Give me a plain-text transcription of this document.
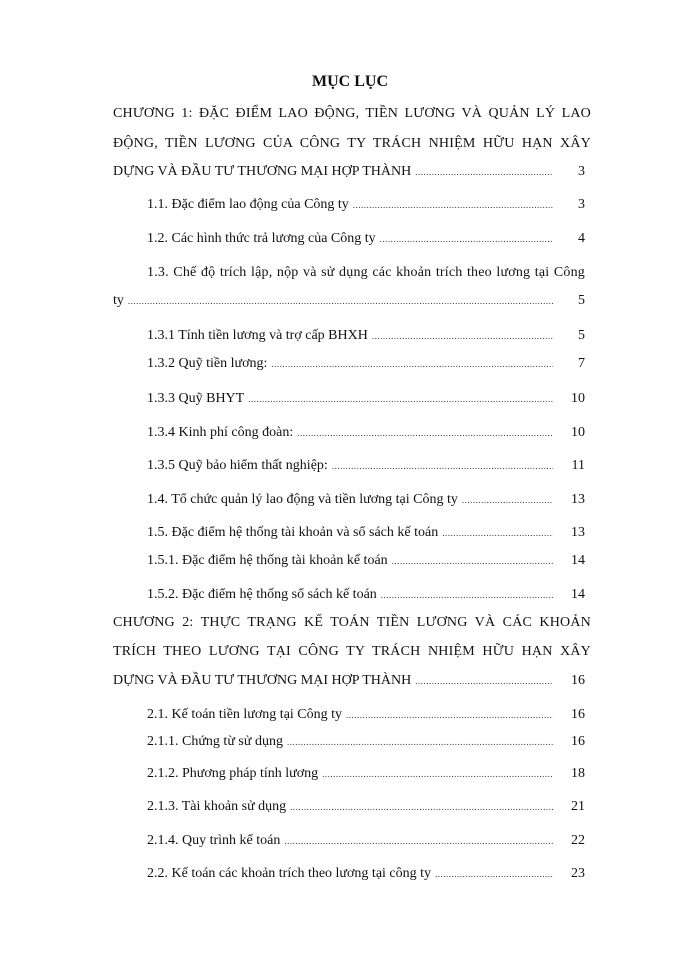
MỤC LỤC
CHƯƠNG 1: ĐẶC ĐIỂM LAO ĐỘNG, TIỀN LƯƠNG VÀ QUẢN LÝ LAO
ĐỘNG, TIỀN LƯƠNG CỦA CÔNG TY TRÁCH NHIỆM HỮU HẠN XÂY
DỰNG VÀ ĐẦU TƯ THƯƠNG MẠI HỢP THÀNH .....	3
1.1. Đặc điểm lao động của Công ty .....	3
1.2. Các hình thức trả lương của Công ty .....	4
1.3. Chế độ trích lập, nộp và sử dụng các khoản trích theo lương tại Công
ty .....	5
1.3.1 Tính tiền lương và trợ cấp BHXH .....	5
1.3.2 Quỹ tiền lương: .....	7
1.3.3 Quỹ BHYT .....	10
1.3.4 Kinh phí công đoàn: .....	10
1.3.5 Quỹ bảo hiểm thất nghiệp: .....	11
1.4. Tổ chức quản lý lao động và tiền lương tại Công ty .....	13
1.5. Đặc điểm hệ thống tài khoản và sổ sách kế toán .....	13
1.5.1. Đặc điểm hệ thống tài khoản kế toán .....	14
1.5.2. Đặc điểm hệ thống sổ sách kế toán .....	14
CHƯƠNG 2: THỰC TRẠNG KẾ TOÁN TIỀN LƯƠNG VÀ CÁC KHOẢN
TRÍCH THEO LƯƠNG TẠI CÔNG TY TRÁCH NHIỆM HỮU HẠN XÂY
DỰNG VÀ ĐẦU TƯ THƯƠNG MẠI HỢP THÀNH .....	16
2.1. Kế toán tiền lương tại Công ty .....	16
2.1.1. Chứng từ sử dụng .....	16
2.1.2. Phương pháp tính lương .....	18
2.1.3. Tài khoản sử dụng .....	21
2.1.4. Quy trình kế toán .....	22
2.2. Kế toán các khoản trích theo lương tại công ty .....	23
